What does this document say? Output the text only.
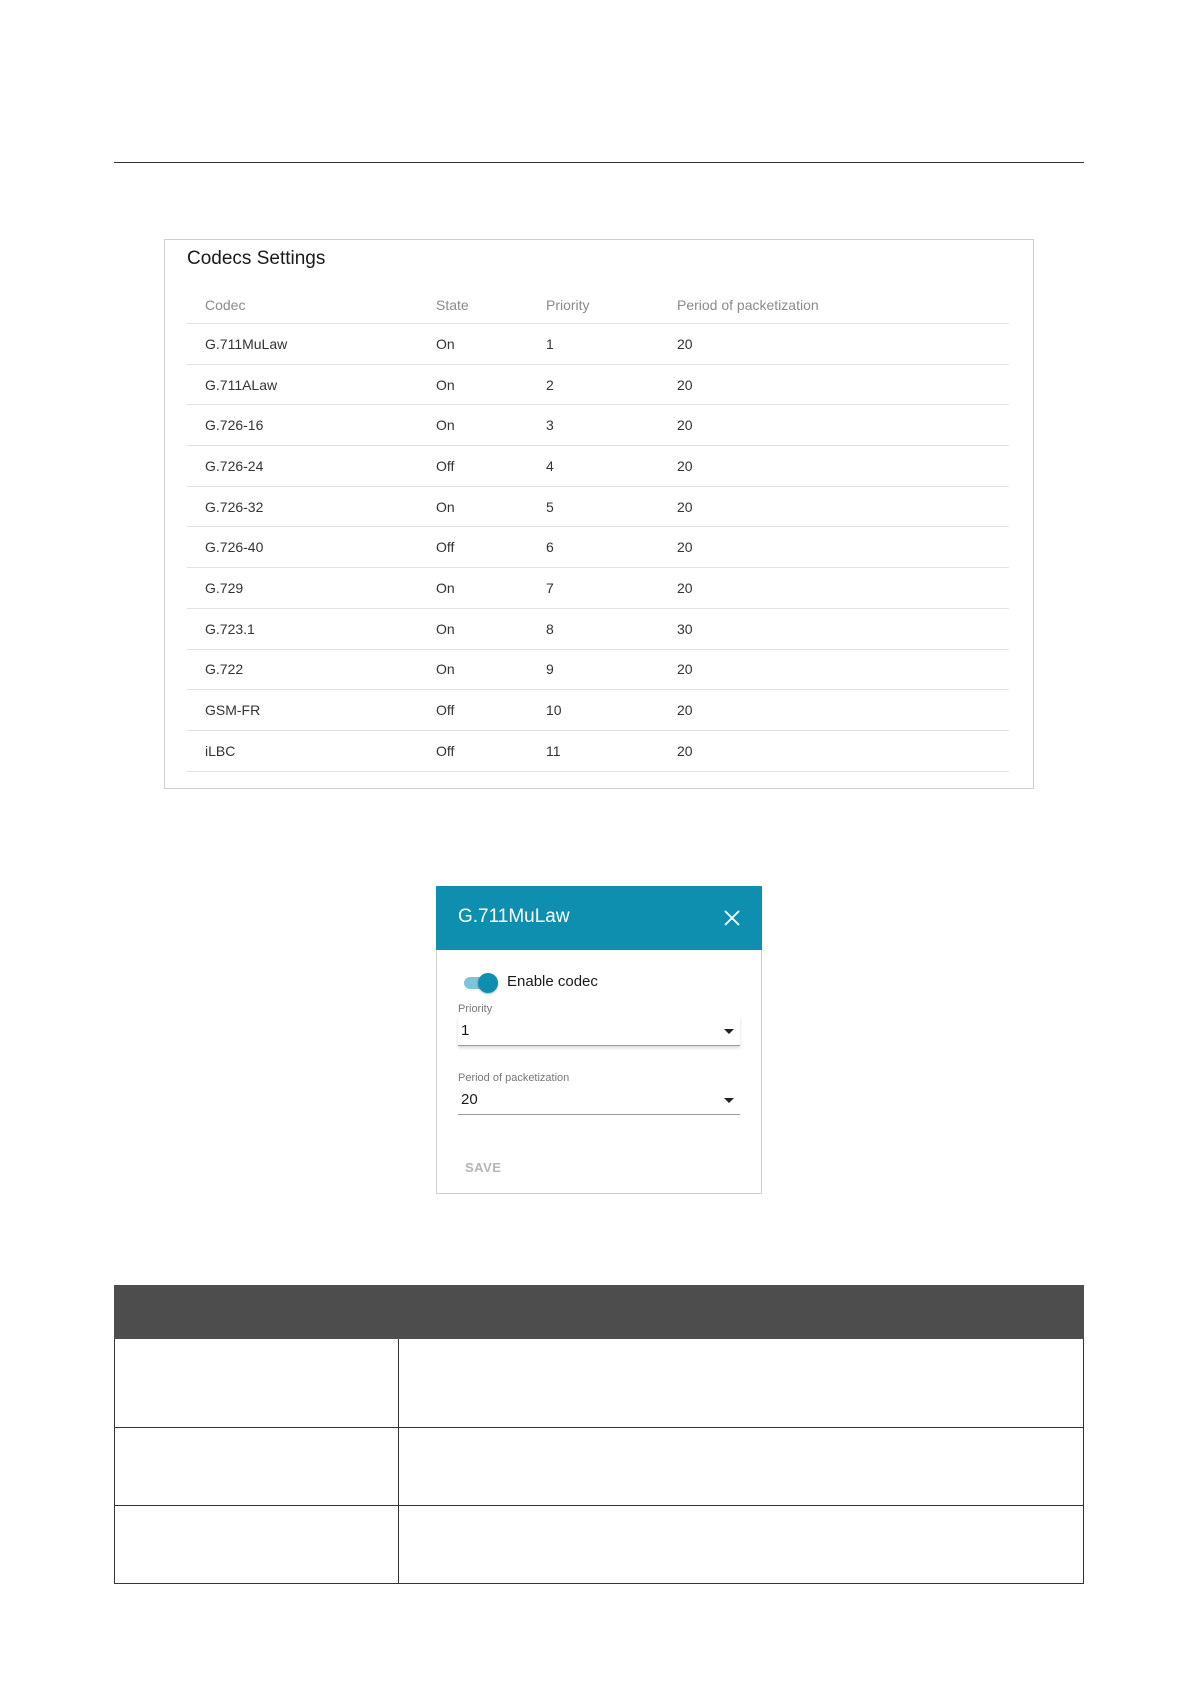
Codecs Settings
Codec	State	Priority	Period of packetization
G.711MuLaw	On	1	20
G.711ALaw	On	2	20
G.726-16	On	3	20
G.726-24	Off	4	20
G.726-32	On	5	20
G.726-40	Off	6	20
G.729	On	7	20
G.723.1	On	8	30
G.722	On	9	20
GSM-FR	Off	10	20
iLBC	Off	11	20
G.711MuLaw
Enable codec
Priority
1
Period of packetization
20
SAVE
